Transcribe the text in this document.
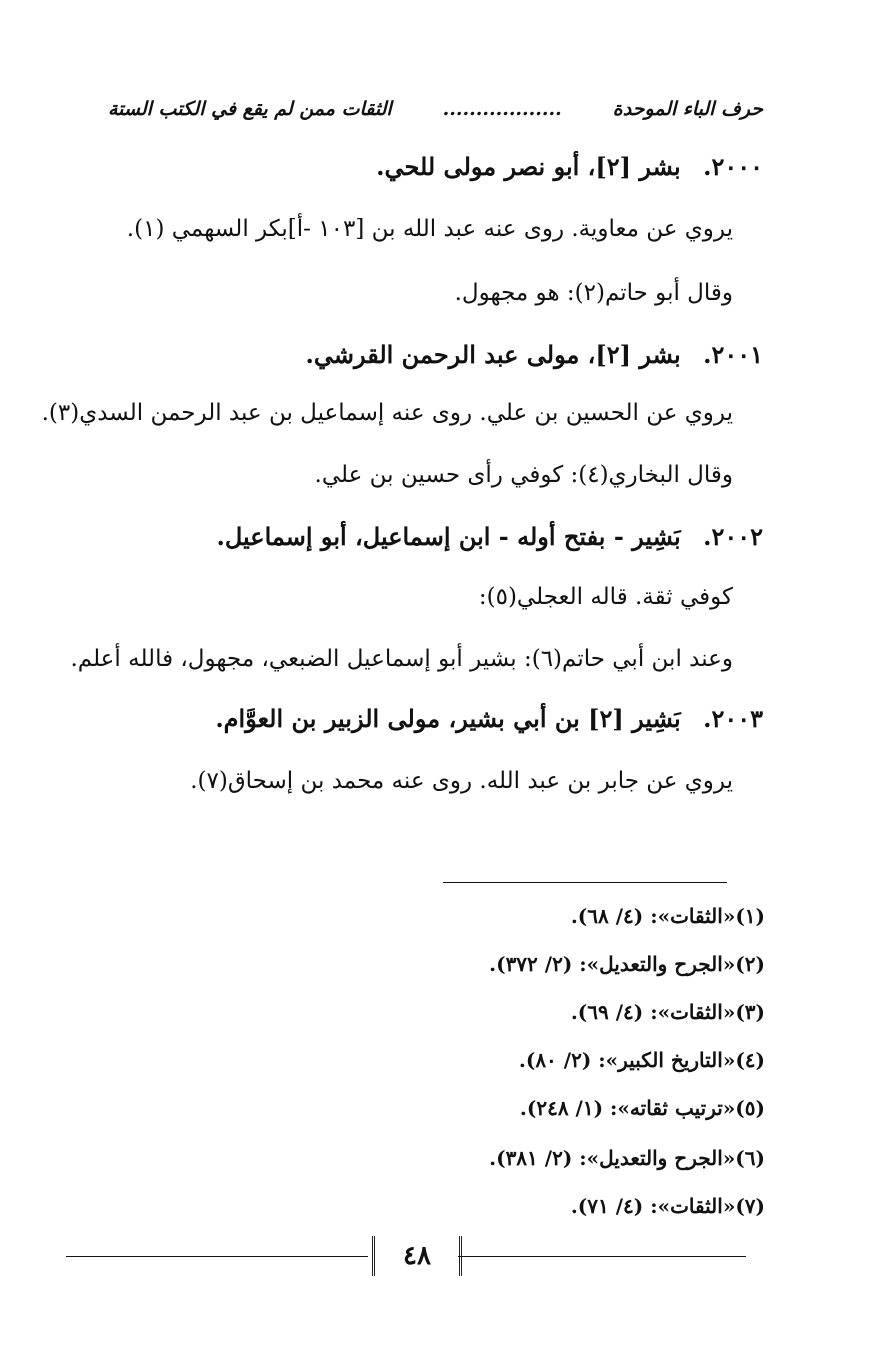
حرف الباء الموحدة
..................
الثقات ممن لم يقع في الكتب الستة
٢٠٠٠. بشر [٢]، أبو نصر مولى للحي.
يروي عن معاوية. روى عنه عبد الله بن [١٠٣ -أ]بكر السهمي (١).
وقال أبو حاتم(٢): هو مجهول.
٢٠٠١. بشر [٢]، مولى عبد الرحمن القرشي.
يروي عن الحسين بن علي. روى عنه إسماعيل بن عبد الرحمن السدي(٣).
وقال البخاري(٤): كوفي رأى حسين بن علي.
٢٠٠٢. بَشِير - بفتح أوله - ابن إسماعيل، أبو إسماعيل.
كوفي ثقة. قاله العجلي(٥):
وعند ابن أبي حاتم(٦): بشير أبو إسماعيل الضبعي، مجهول، فالله أعلم.
٢٠٠٣. بَشِير [٢] بن أبي بشير، مولى الزبير بن العوَّام.
يروي عن جابر بن عبد الله. روى عنه محمد بن إسحاق(٧).
(١)«الثقات»: (٤/ ٦٨).
(٢)«الجرح والتعديل»: (٢/ ٣٧٢).
(٣)«الثقات»: (٤/ ٦٩).
(٤)«التاريخ الكبير»: (٢/ ٨٠).
(٥)«ترتيب ثقاته»: (١/ ٢٤٨).
(٦)«الجرح والتعديل»: (٢/ ٣٨١).
(٧)«الثقات»: (٤/ ٧١).
٤٨
